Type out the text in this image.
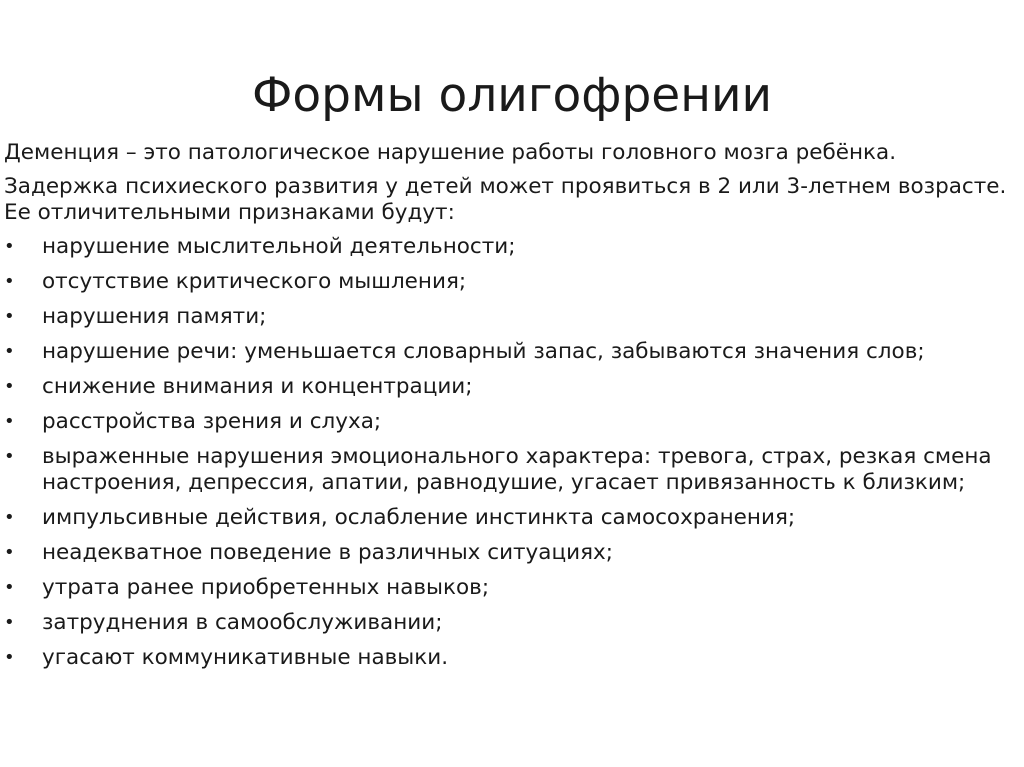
Формы олигофрении

Деменция – это патологическое нарушение работы головного мозга ребёнка.

Задержка психиеского развития у детей может проявиться в 2 или 3-летнем возрасте. Ее отличительными признаками будут:

• нарушение мыслительной деятельности;
• отсутствие критического мышления;
• нарушения памяти;
• нарушение речи: уменьшается словарный запас, забываются значения слов;
• снижение внимания и концентрации;
• расстройства зрения и слуха;
• выраженные нарушения эмоционального характера: тревога, страх, резкая смена настроения, депрессия, апатии, равнодушие, угасает привязанность к близким;
• импульсивные действия, ослабление инстинкта самосохранения;
• неадекватное поведение в различных ситуациях;
• утрата ранее приобретенных навыков;
• затруднения в самообслуживании;
• угасают коммуникативные навыки.
